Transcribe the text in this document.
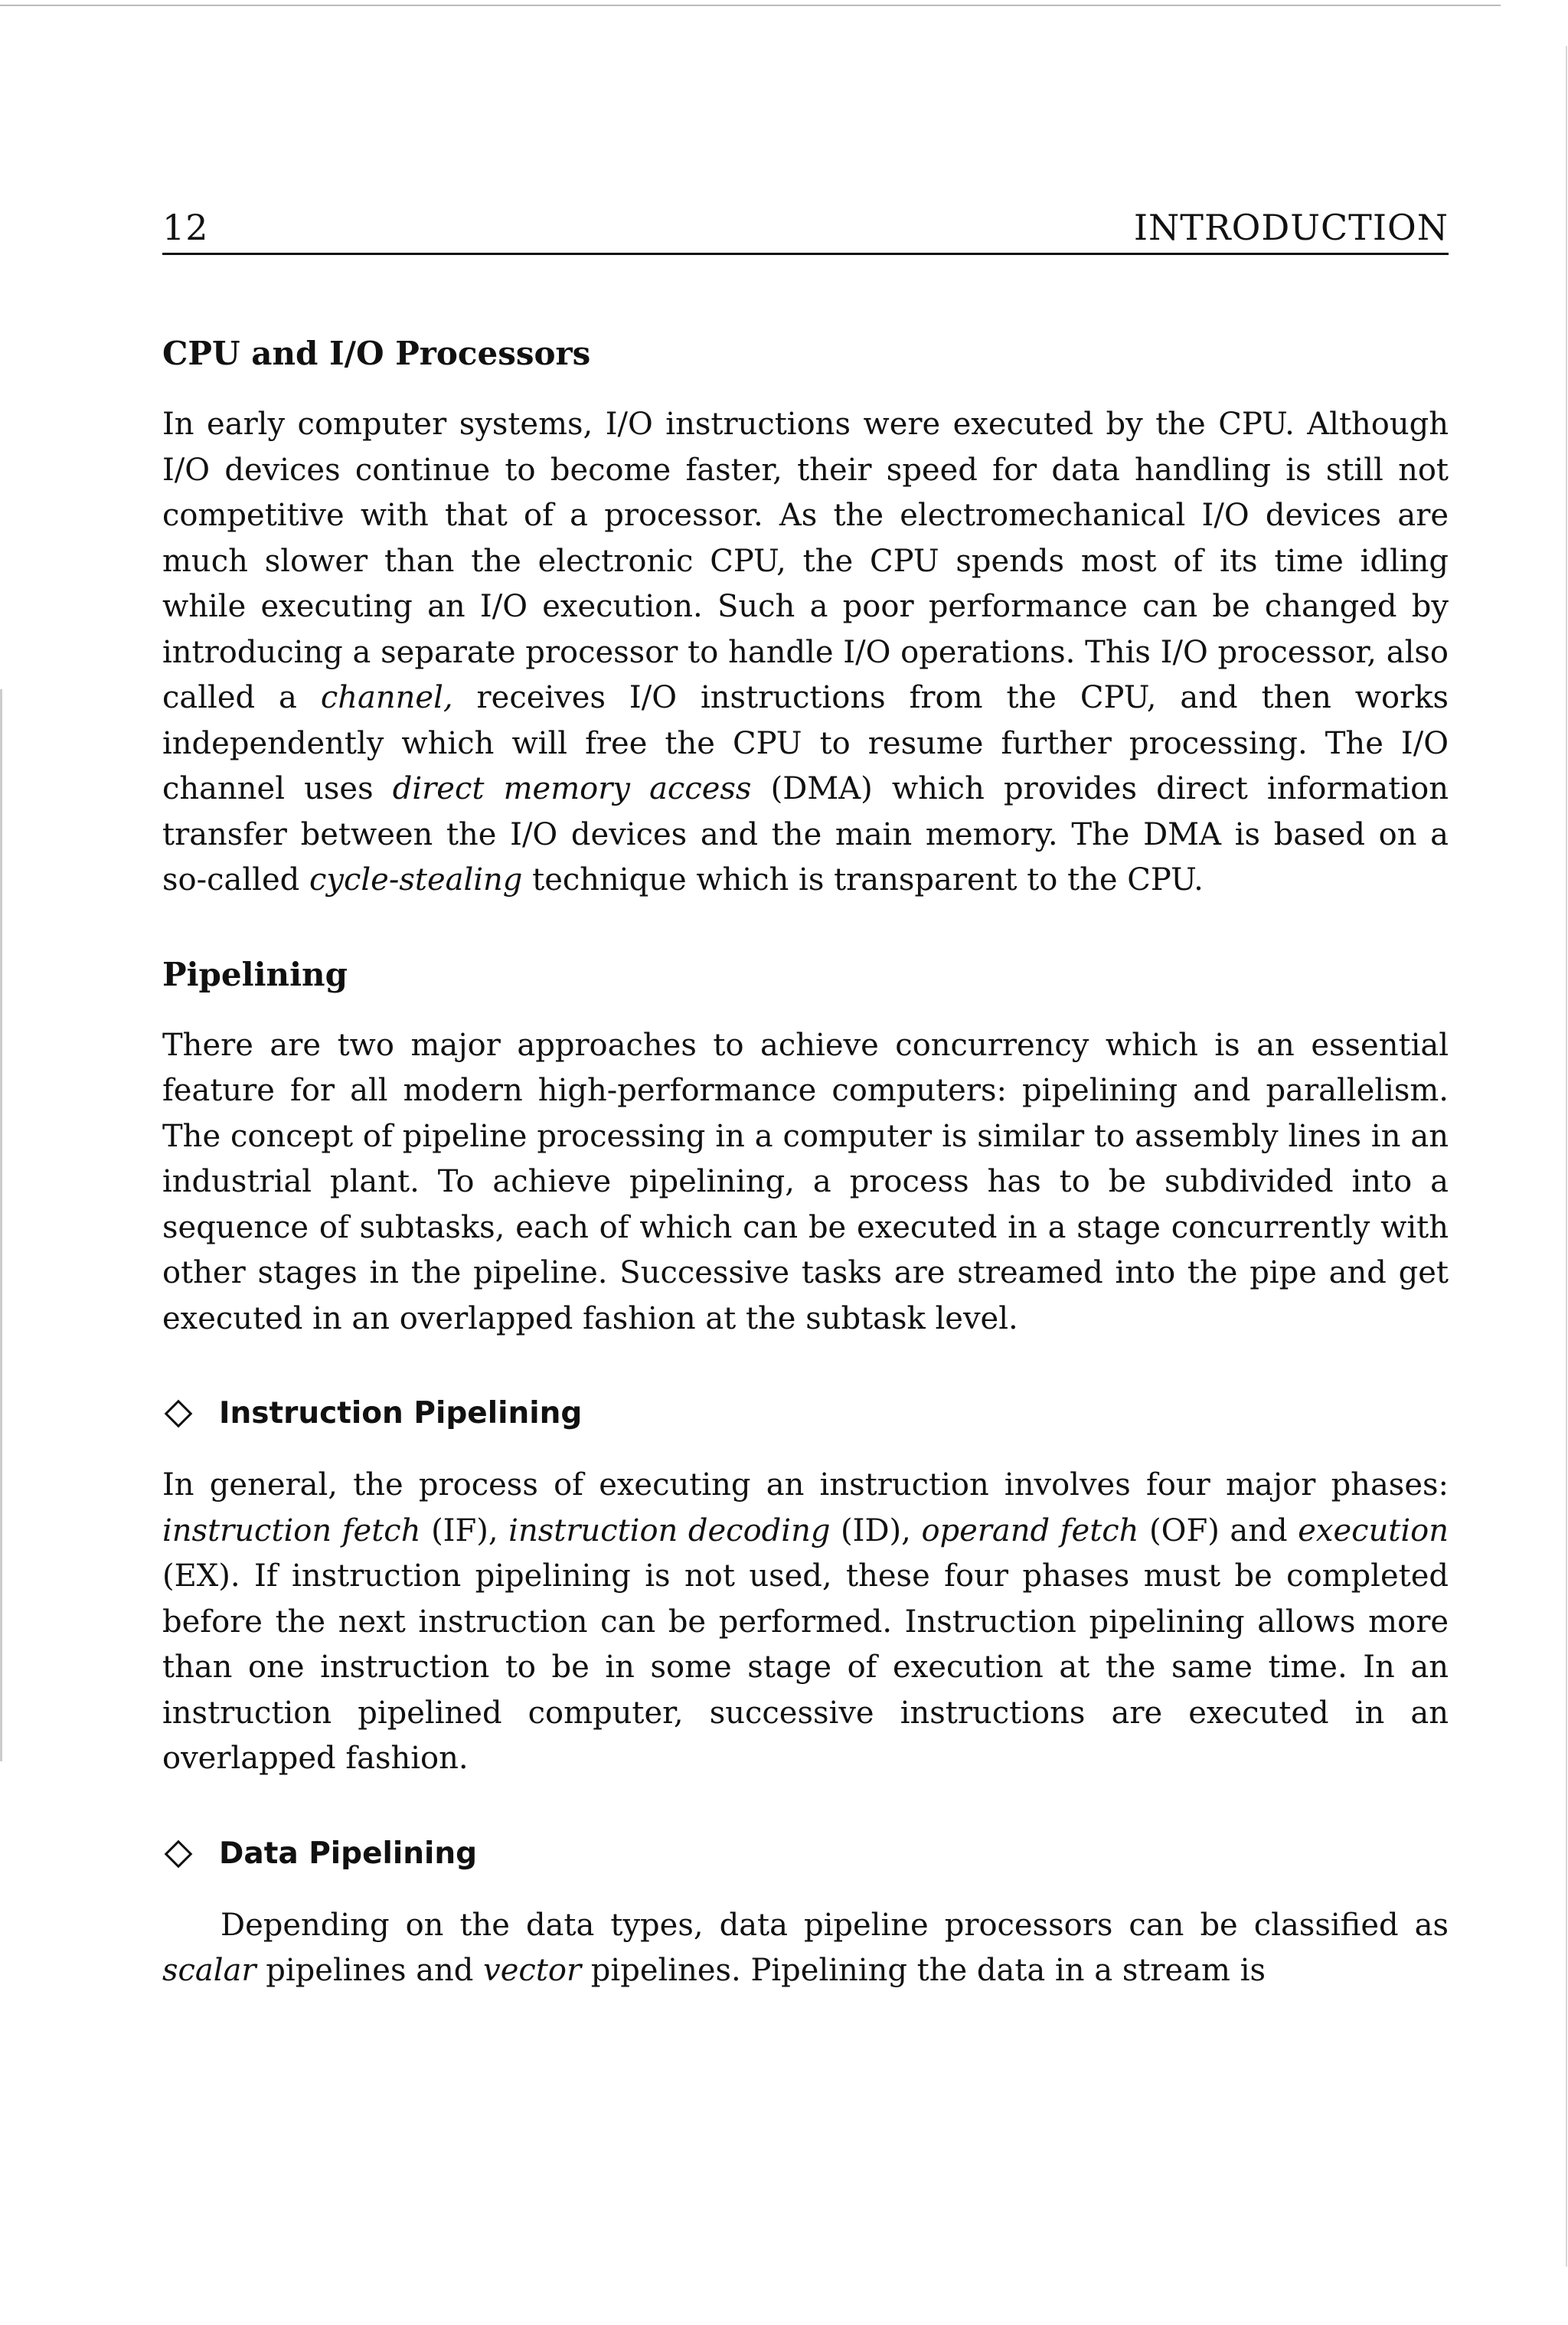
12	INTRODUCTION
CPU and I/O Processors

In early computer systems, I/O instructions were executed by the CPU. Although I/O devices continue to become faster, their speed for data handling is still not competitive with that of a processor. As the electromechanical I/O devices are much slower than the electronic CPU, the CPU spends most of its time idling while executing an I/O execution. Such a poor performance can be changed by introducing a separate processor to handle I/O operations. This I/O processor, also called a channel, receives I/O instructions from the CPU, and then works independently which will free the CPU to resume further processing. The I/O channel uses direct memory access (DMA) which provides direct information transfer between the I/O devices and the main memory. The DMA is based on a so-called cycle-stealing technique which is transparent to the CPU.

Pipelining

There are two major approaches to achieve concurrency which is an essential feature for all modern high-performance computers: pipelining and parallelism. The concept of pipeline processing in a computer is similar to assembly lines in an industrial plant. To achieve pipelining, a process has to be subdivided into a sequence of subtasks, each of which can be executed in a stage concurrently with other stages in the pipeline. Successive tasks are streamed into the pipe and get executed in an overlapped fashion at the subtask level.

Instruction Pipelining

In general, the process of executing an instruction involves four major phases: instruction fetch (IF), instruction decoding (ID), operand fetch (OF) and execution (EX). If instruction pipelining is not used, these four phases must be completed before the next instruction can be performed. Instruction pipelining allows more than one instruction to be in some stage of execution at the same time. In an instruction pipelined computer, successive instructions are executed in an overlapped fashion.

Data Pipelining

Depending on the data types, data pipeline processors can be classified as scalar pipelines and vector pipelines. Pipelining the data in a stream is
